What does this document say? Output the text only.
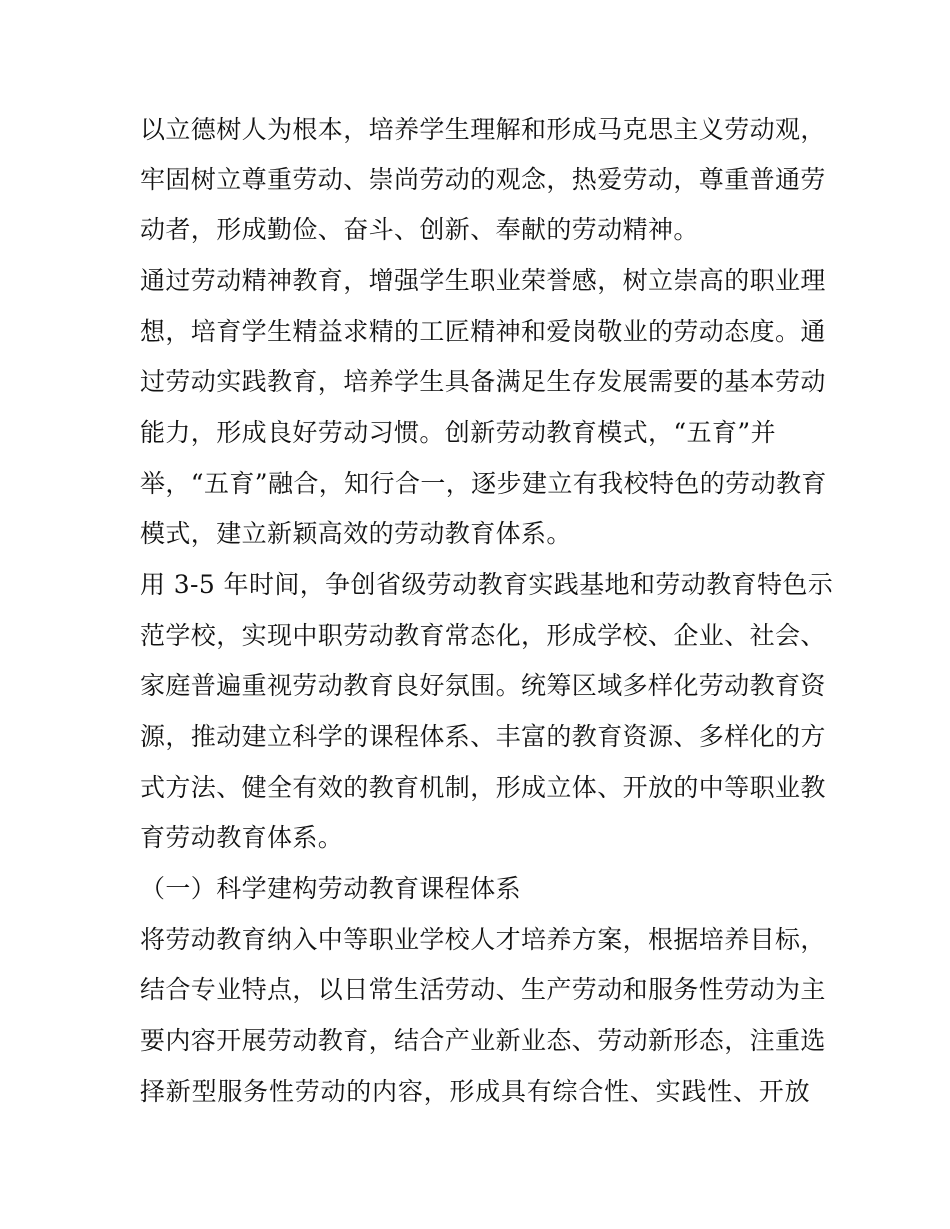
以立德树人为根本，培养学生理解和形成马克思主义劳动观，
牢固树立尊重劳动、崇尚劳动的观念，热爱劳动，尊重普通劳
动者，形成勤俭、奋斗、创新、奉献的劳动精神。
通过劳动精神教育，增强学生职业荣誉感，树立崇高的职业理
想，培育学生精益求精的工匠精神和爱岗敬业的劳动态度。通
过劳动实践教育，培养学生具备满足生存发展需要的基本劳动
能力，形成良好劳动习惯。创新劳动教育模式，“五育”并
举，“五育”融合，知行合一，逐步建立有我校特色的劳动教育
模式，建立新颖高效的劳动教育体系。
用 3-5 年时间，争创省级劳动教育实践基地和劳动教育特色示
范学校，实现中职劳动教育常态化，形成学校、企业、社会、
家庭普遍重视劳动教育良好氛围。统筹区域多样化劳动教育资
源，推动建立科学的课程体系、丰富的教育资源、多样化的方
式方法、健全有效的教育机制，形成立体、开放的中等职业教
育劳动教育体系。
（一）科学建构劳动教育课程体系
将劳动教育纳入中等职业学校人才培养方案，根据培养目标，
结合专业特点，以日常生活劳动、生产劳动和服务性劳动为主
要内容开展劳动教育，结合产业新业态、劳动新形态，注重选
择新型服务性劳动的内容，形成具有综合性、实践性、开放
